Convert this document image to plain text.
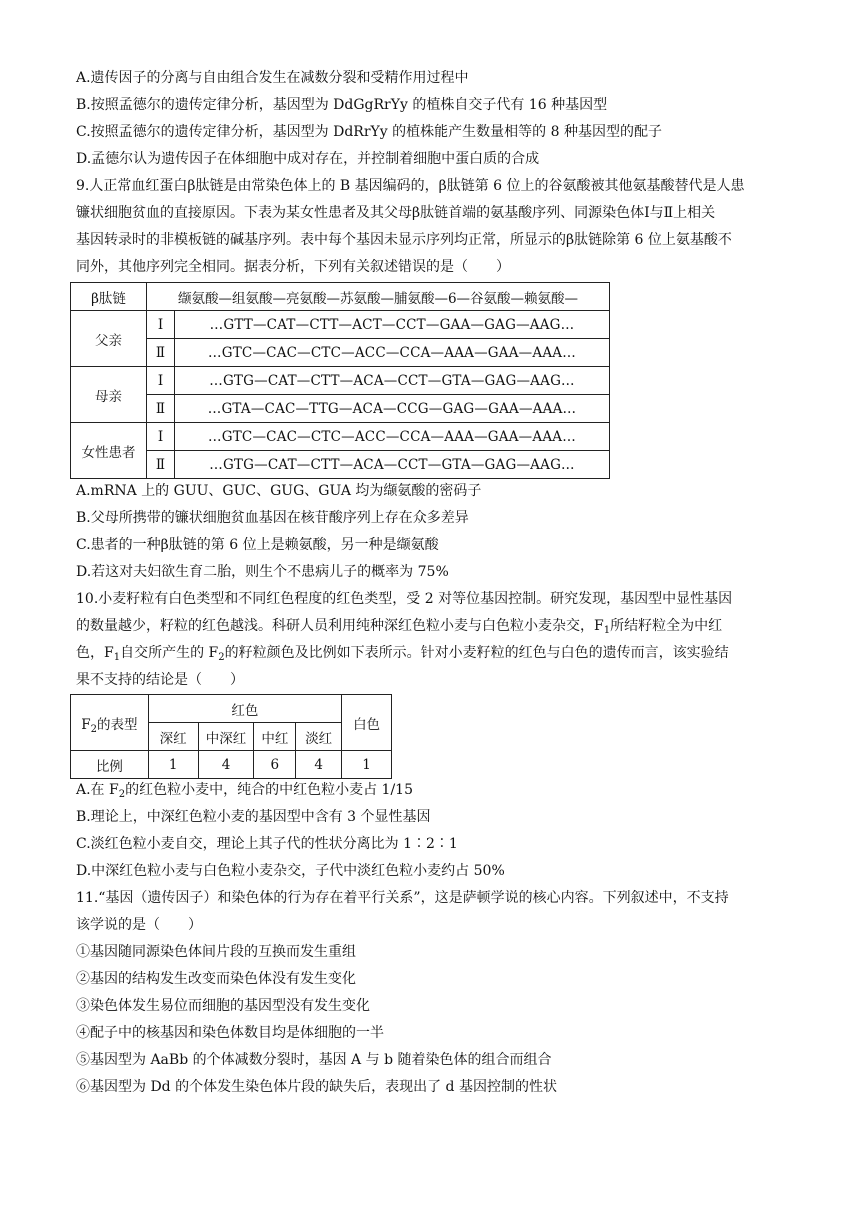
A.遗传因子的分离与自由组合发生在减数分裂和受精作用过程中
B.按照孟德尔的遗传定律分析，基因型为 DdGgRrYy 的植株自交子代有 16 种基因型
C.按照孟德尔的遗传定律分析，基因型为 DdRrYy 的植株能产生数量相等的 8 种基因型的配子
D.孟德尔认为遗传因子在体细胞中成对存在，并控制着细胞中蛋白质的合成
9.人正常血红蛋白β肽链是由常染色体上的 B 基因编码的，β肽链第 6 位上的谷氨酸被其他氨基酸替代是人患
镰状细胞贫血的直接原因。下表为某女性患者及其父母β肽链首端的氨基酸序列、同源染色体Ⅰ与Ⅱ上相关
基因转录时的非模板链的碱基序列。表中每个基因未显示序列均正常，所显示的β肽链除第 6 位上氨基酸不
同外，其他序列完全相同。据表分析，下列有关叙述错误的是（　　）
β肽链	缬氨酸—组氨酸—亮氨酸—苏氨酸—脯氨酸—6—谷氨酸—赖氨酸—	
父亲	Ⅰ	…GTT—CAT—CTT—ACT—CCT—GAA—GAG—AAG…
	Ⅱ	…GTC—CAC—CTC—ACC—CCA—AAA—GAA—AAA…
母亲	Ⅰ	…GTG—CAT—CTT—ACA—CCT—GTA—GAG—AAG…
	Ⅱ	…GTA—CAC—TTG—ACA—CCG—GAG—GAA—AAA…
女性患者	Ⅰ	…GTC—CAC—CTC—ACC—CCA—AAA—GAA—AAA…
	Ⅱ	…GTG—CAT—CTT—ACA—CCT—GTA—GAG—AAG…
A.mRNA 上的 GUU、GUC、GUG、GUA 均为缬氨酸的密码子
B.父母所携带的镰状细胞贫血基因在核苷酸序列上存在众多差异
C.患者的一种β肽链的第 6 位上是赖氨酸，另一种是缬氨酸
D.若这对夫妇欲生育二胎，则生个不患病儿子的概率为 75%
10.小麦籽粒有白色类型和不同红色程度的红色类型，受 2 对等位基因控制。研究发现，基因型中显性基因
的数量越少，籽粒的红色越浅。科研人员利用纯种深红色粒小麦与白色粒小麦杂交，$F_1$所结籽粒全为中红
色，$F_1$自交所产生的 $F_2$的籽粒颜色及比例如下表所示。针对小麦籽粒的红色与白色的遗传而言，该实验结
果不支持的结论是（　　）
$F_2$的表型	红色				白色
	深红	中深红	中红	淡红	
比例	1	4	6	4	1
A.在 $F_2$的红色粒小麦中，纯合的中红色粒小麦占 1/15
B.理论上，中深红色粒小麦的基因型中含有 3 个显性基因
C.淡红色粒小麦自交，理论上其子代的性状分离比为 1∶2∶1
D.中深红色粒小麦与白色粒小麦杂交，子代中淡红色粒小麦约占 50%
11.“基因（遗传因子）和染色体的行为存在着平行关系”，这是萨顿学说的核心内容。下列叙述中，不支持
该学说的是（　　）
①基因随同源染色体间片段的互换而发生重组
②基因的结构发生改变而染色体没有发生变化
③染色体发生易位而细胞的基因型没有发生变化
④配子中的核基因和染色体数目均是体细胞的一半
⑤基因型为 AaBb 的个体减数分裂时，基因 A 与 b 随着染色体的组合而组合
⑥基因型为 Dd 的个体发生染色体片段的缺失后，表现出了 d 基因控制的性状
